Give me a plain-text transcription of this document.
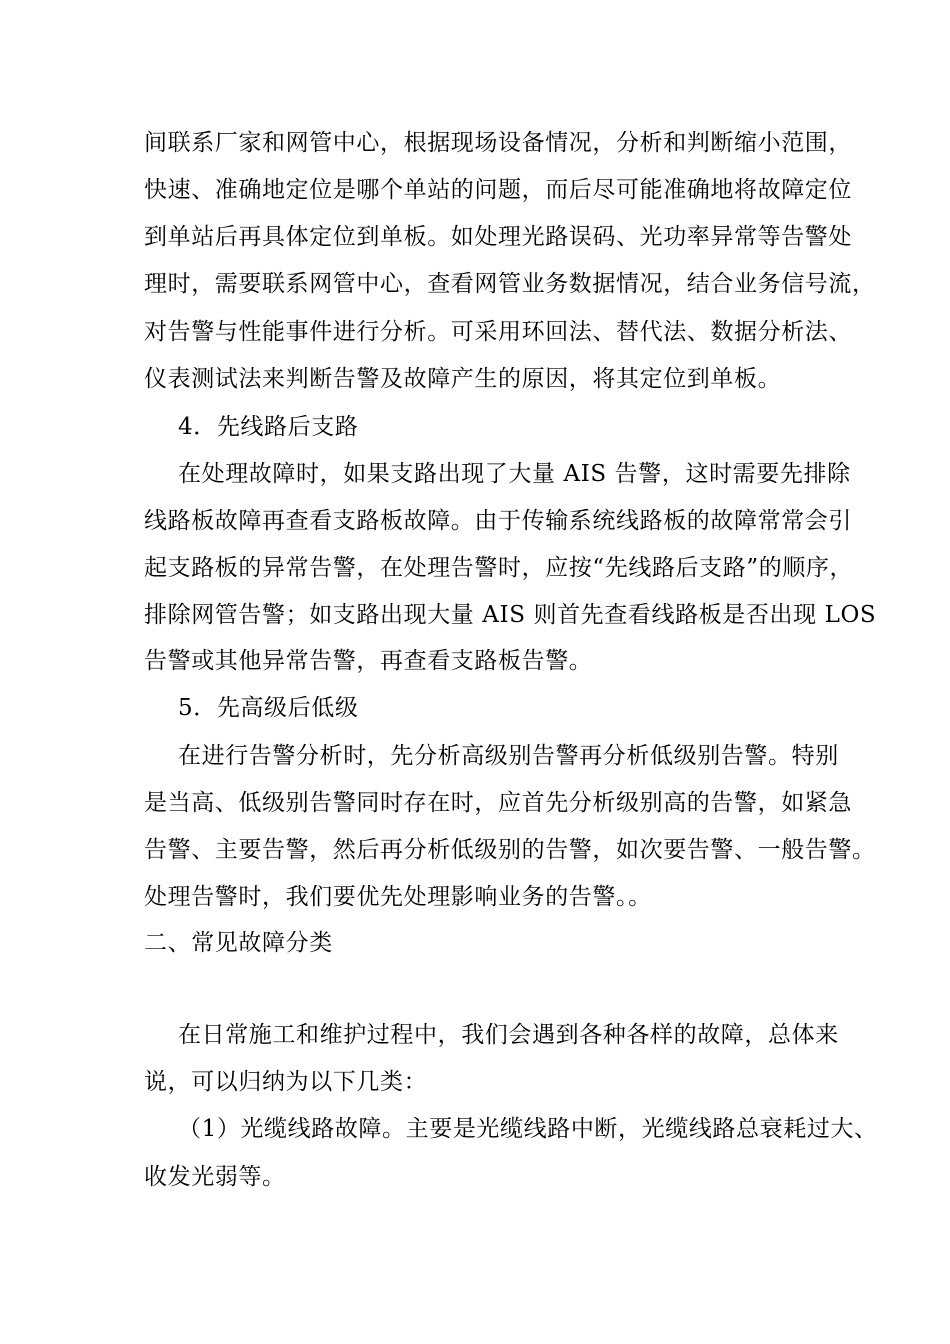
间联系厂家和网管中心，根据现场设备情况，分析和判断缩小范围，
快速、准确地定位是哪个单站的问题，而后尽可能准确地将故障定位
到单站后再具体定位到单板。如处理光路误码、光功率异常等告警处
理时，需要联系网管中心，查看网管业务数据情况，结合业务信号流，
对告警与性能事件进行分析。可采用环回法、替代法、数据分析法、
仪表测试法来判断告警及故障产生的原因，将其定位到单板。
4．先线路后支路
在处理故障时，如果支路出现了大量 AIS 告警，这时需要先排除
线路板故障再查看支路板故障。由于传输系统线路板的故障常常会引
起支路板的异常告警，在处理告警时，应按“先线路后支路”的顺序，
排除网管告警；如支路出现大量 AIS 则首先查看线路板是否出现 LOS
告警或其他异常告警，再查看支路板告警。
5．先高级后低级
在进行告警分析时，先分析高级别告警再分析低级别告警。特别
是当高、低级别告警同时存在时，应首先分析级别高的告警，如紧急
告警、主要告警，然后再分析低级别的告警，如次要告警、一般告警。
处理告警时，我们要优先处理影响业务的告警。。
二、常见故障分类
在日常施工和维护过程中，我们会遇到各种各样的故障，总体来
说，可以归纳为以下几类：
（1）光缆线路故障。主要是光缆线路中断，光缆线路总衰耗过大、
收发光弱等。
